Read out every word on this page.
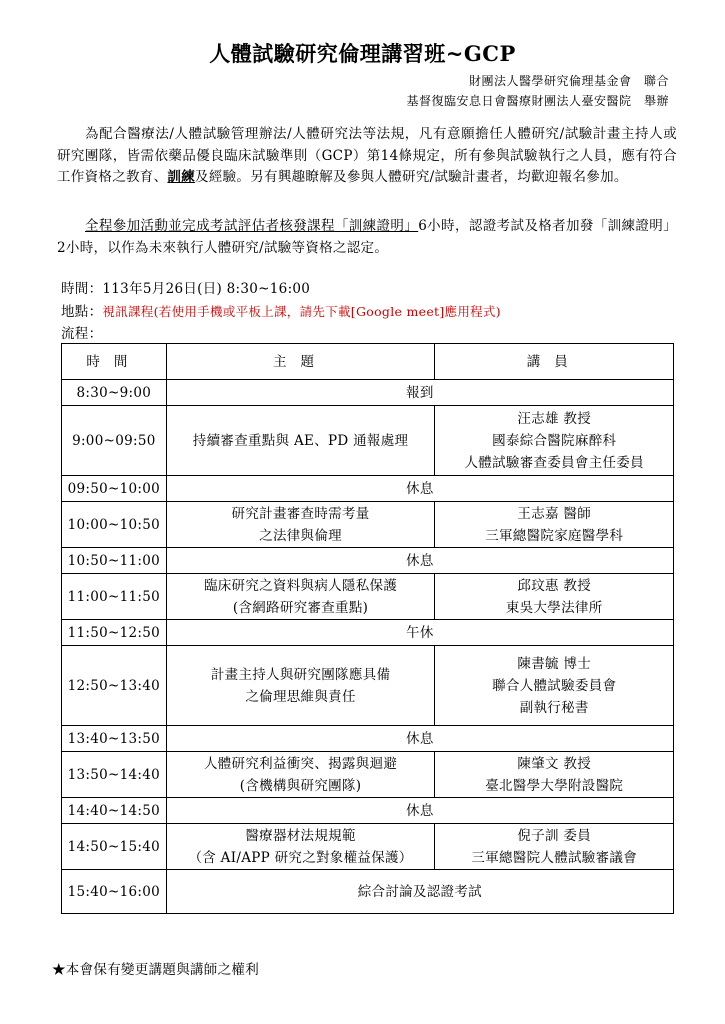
人體試驗研究倫理講習班~GCP
財團法人醫學研究倫理基金會　聯合
基督復臨安息日會醫療財團法人臺安醫院　舉辦
為配合醫療法/人體試驗管理辦法/人體研究法等法規，凡有意願擔任人體研究/試驗計畫主持人或研究團隊，皆需依藥品優良臨床試驗準則（GCP）第14條規定，所有參與試驗執行之人員，應有符合工作資格之教育、訓練及經驗。另有興趣瞭解及參與人體研究/試驗計畫者，均歡迎報名參加。
全程參加活動並完成考試評估者核發課程「訓練證明」6小時，認證考試及格者加發「訓練證明」2小時，以作為未來執行人體研究/試驗等資格之認定。
時間：113年5月26日(日) 8:30~16:00
地點：視訊課程(若使用手機或平板上課，請先下載[Google meet]應用程式)
流程：
時間	主題	講員
8:30~9:00	報到	
9:00~09:50	持續審查重點與 AE、PD 通報處理	汪志雄 教授
國泰綜合醫院麻醉科
人體試驗審查委員會主任委員

09:50~10:00	休息	
10:00~10:50	研究計畫審查時需考量
之法律與倫理	王志嘉 醫師
三軍總醫院家庭醫學科

10:50~11:00	休息	
11:00~11:50	臨床研究之資料與病人隱私保護
(含網路研究審查重點)	邱玟惠 教授
東吳大學法律所

11:50~12:50	午休	
12:50~13:40	計畫主持人與研究團隊應具備
之倫理思維與責任	陳書毓 博士
聯合人體試驗委員會
副執行秘書

13:40~13:50	休息	
13:50~14:40	人體研究利益衝突、揭露與迴避
(含機構與研究團隊)	陳肇文 教授
臺北醫學大學附設醫院

14:40~14:50	休息	
14:50~15:40	醫療器材法規規範
（含 AI/APP 研究之對象權益保護）	倪子訓 委員
三軍總醫院人體試驗審議會

15:40~16:00	綜合討論及認證考試	
★本會保有變更講題與講師之權利
